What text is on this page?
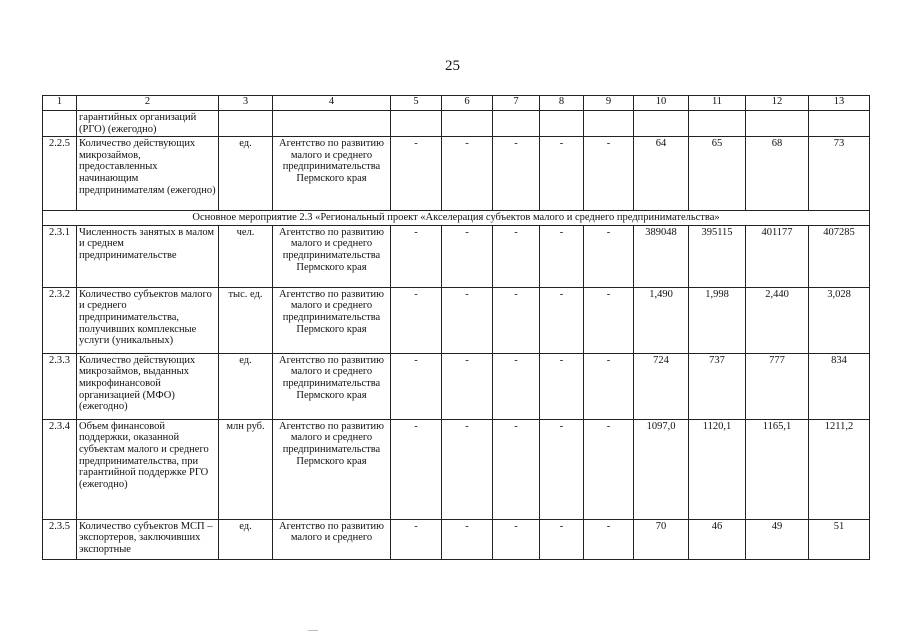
25
1	2	3	4	5	6	7	8	9	10	11	12	13
	гарантийных организаций (РГО) (ежегодно)											
2.2.5	Количество действующих микрозаймов, предоставленных начинающим предпринимателям (ежегодно)	ед.	Агентство по развитию малого и среднего предпринимательства Пермского края	-	-	-	-	-	64	65	68	73
Основное мероприятие 2.3 «Региональный проект «Акселерация субъектов малого и среднего предпринимательства»												
2.3.1	Численность занятых в малом и среднем предпринимательстве	чел.	Агентство по развитию малого и среднего предпринимательства Пермского края	-	-	-	-	-	389048	395115	401177	407285
2.3.2	Количество субъектов малого и среднего предпринимательства, получивших комплексные услуги (уникальных)	тыс. ед.	Агентство по развитию малого и среднего предпринимательства Пермского края	-	-	-	-	-	1,490	1,998	2,440	3,028
2.3.3	Количество действующих микрозаймов, выданных микрофинансовой организацией (МФО) (ежегодно)	ед.	Агентство по развитию малого и среднего предпринимательства Пермского края	-	-	-	-	-	724	737	777	834
2.3.4	Объем финансовой поддержки, оказанной субъектам малого и среднего предпринимательства, при гарантийной поддержке РГО (ежегодно)	млн руб.	Агентство по развитию малого и среднего предпринимательства Пермского края	-	-	-	-	-	1097,0	1120,1	1165,1	1211,2
2.3.5	Количество субъектов МСП – экспортеров, заключивших экспортные	ед.	Агентство по развитию малого и среднего	-	-	-	-	-	70	46	49	51
